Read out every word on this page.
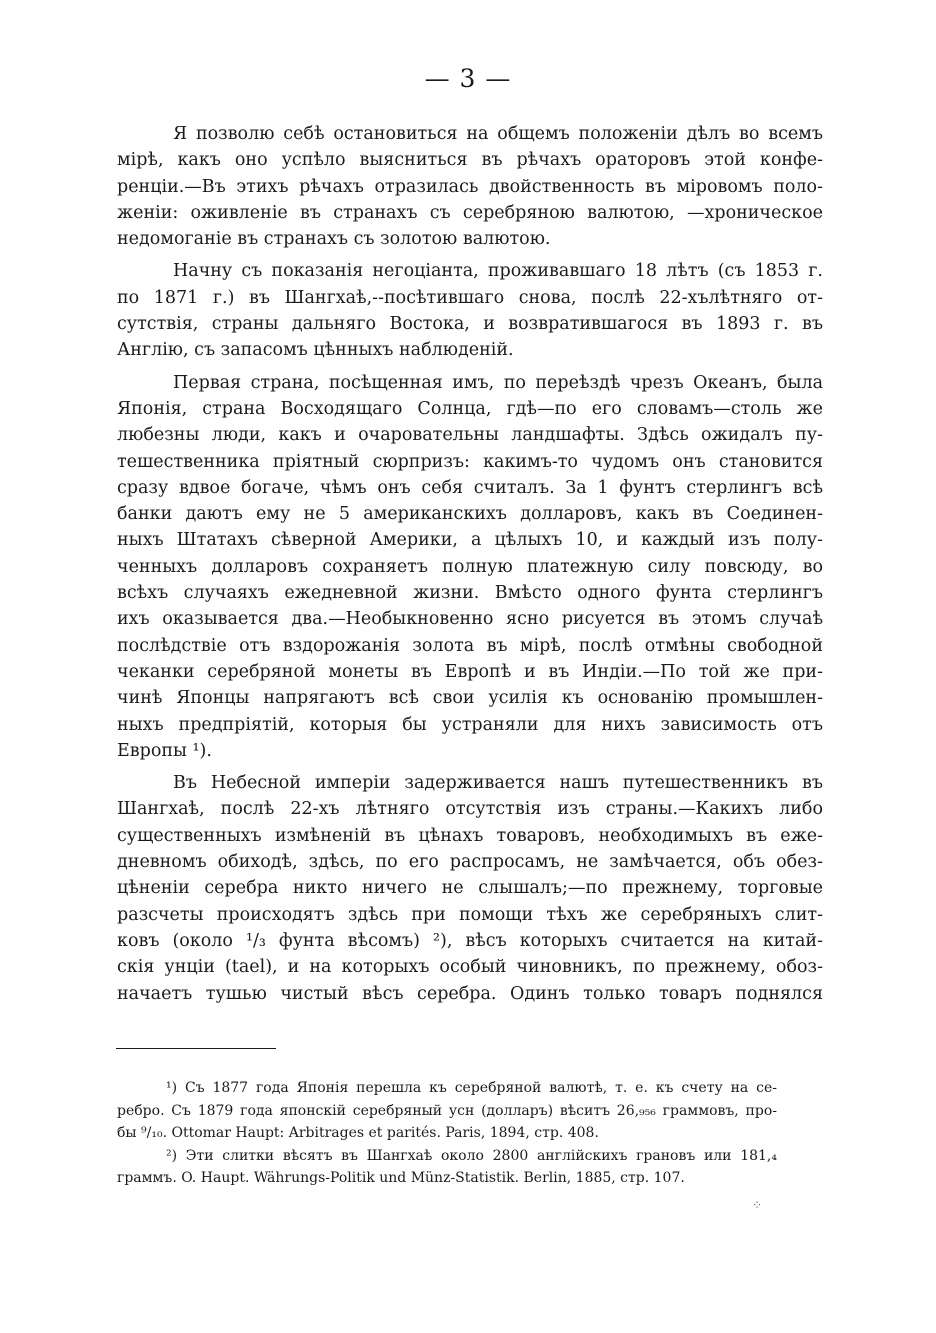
— 3 —
Я позволю себѣ остановиться на общемъ положеніи дѣлъ во всемъ
мірѣ, какъ оно успѣло выясниться въ рѣчахъ ораторовъ этой конфе-
ренціи.—Въ этихъ рѣчахъ отразилась двойственность въ міровомъ поло-
женіи: оживленіе въ странахъ съ серебряною валютою, —хроническое
недомоганіе въ странахъ съ золотою валютою.
Начну съ показанія негоціанта, проживавшаго 18 лѣтъ (съ 1853 г.
по 1871 г.) въ Шангхаѣ,--посѣтившаго снова, послѣ 22-хълѣтняго от-
сутствія, страны дальняго Востока, и возвратившагося въ 1893 г. въ
Англію, съ запасомъ цѣнныхъ наблюденій.
Первая страна, посѣщенная имъ, по переѣздѣ чрезъ Океанъ, была
Японія, страна Восходящаго Солнца, гдѣ—по его словамъ—столь же
любезны люди, какъ и очаровательны ландшафты. Здѣсь ожидалъ пу-
тешественника пріятный сюрпризъ: какимъ-то чудомъ онъ становится
сразу вдвое богаче, чѣмъ онъ себя считалъ. За 1 фунтъ стерлингъ всѣ
банки даютъ ему не 5 американскихъ долларовъ, какъ въ Соединен-
ныхъ Штатахъ сѣверной Америки, а цѣлыхъ 10, и каждый изъ полу-
ченныхъ долларовъ сохраняетъ полную платежную силу повсюду, во
всѣхъ случаяхъ ежедневной жизни. Вмѣсто одного фунта стерлингъ
ихъ оказывается два.—Необыкновенно ясно рисуется въ этомъ случаѣ
послѣдствіе отъ вздорожанія золота въ мірѣ, послѣ отмѣны свободной
чеканки серебряной монеты въ Европѣ и въ Индіи.—По той же при-
чинѣ Японцы напрягаютъ всѣ свои усилія къ основанію промышлен-
ныхъ предпріятій, которыя бы устраняли для нихъ зависимость отъ
Европы ¹).
Въ Небесной имперіи задерживается нашъ путешественникъ въ
Шангхаѣ, послѣ 22-хъ лѣтняго отсутствія изъ страны.—Какихъ либо
существенныхъ измѣненій въ цѣнахъ товаровъ, необходимыхъ въ еже-
дневномъ обиходѣ, здѣсь, по его распросамъ, не замѣчается, объ обез-
цѣненіи серебра никто ничего не слышалъ;—по прежнему, торговые
разсчеты происходятъ здѣсь при помощи тѣхъ же серебряныхъ слит-
ковъ (около ¹/₃ фунта вѣсомъ) ²), вѣсъ которыхъ считается на китай-
скія унціи (tael), и на которыхъ особый чиновникъ, по прежнему, обоз-
начаетъ тушью чистый вѣсъ серебра. Одинъ только товаръ поднялся
¹) Съ 1877 года Японія перешла къ серебряной валютѣ, т. е. къ счету на се-
ребро. Съ 1879 года японскій серебряный усн (долларъ) вѣситъ 26,₉₅₆ граммовъ, про-
бы ⁹/₁₀. Ottomar Haupt: Arbitrages et parités. Paris, 1894, стр. 408.
²) Эти слитки вѣсятъ въ Шангхаѣ около 2800 англійскихъ грановъ или 181,₄
граммъ. O. Haupt. Währungs-Politik und Münz-Statistik. Berlin, 1885, стр. 107.
⁘
